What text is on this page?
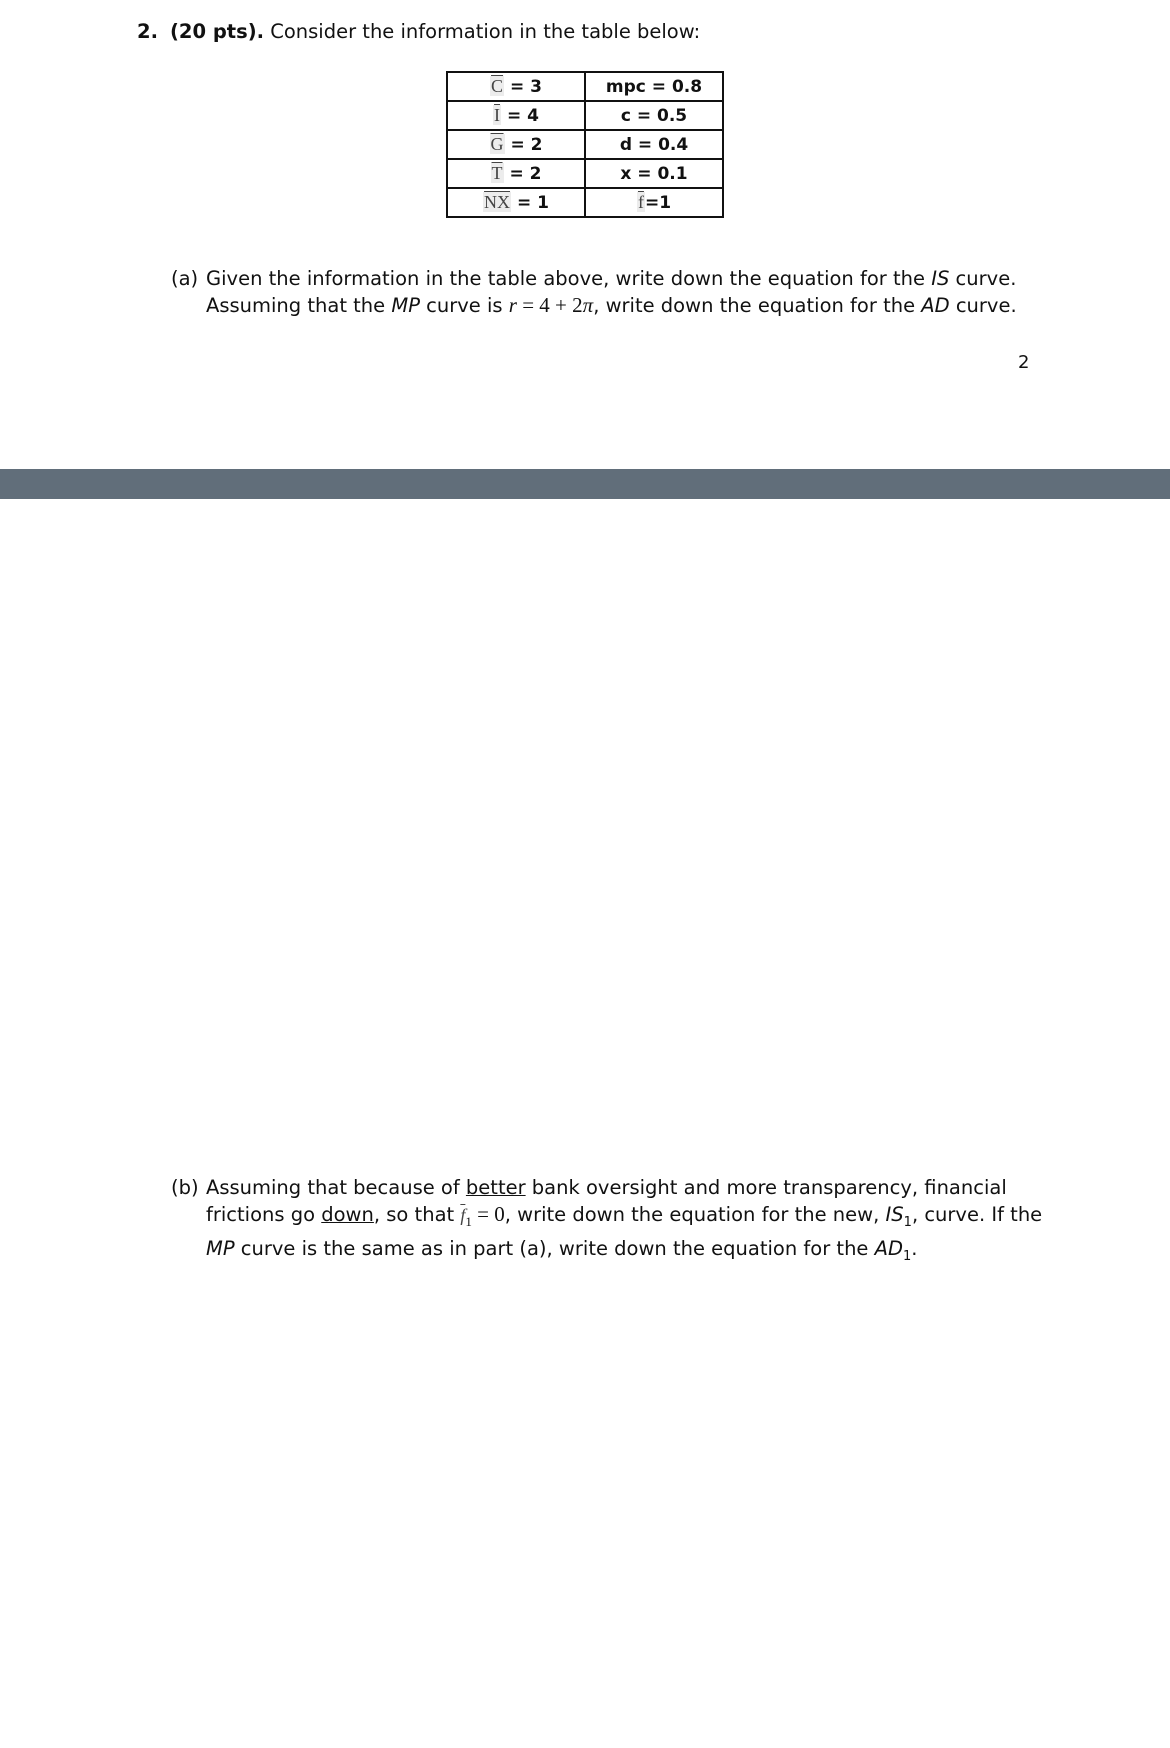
2. (20 pts). Consider the information in the table below:
$\overline{C} = 3$	mpc = 0.8
$\overline{I} = 4$	c = 0.5
$\overline{G} = 2$	d = 0.4
$\overline{T} = 2$	x = 0.1
$\overline{NX} = 1$	$\overline{f}=1$
(a) Given the information in the table above, write down the equation for the IS curve. Assuming that the MP curve is r = 4 + 2π, write down the equation for the AD curve.
2
(b) Assuming that because of better bank oversight and more transparency, financial frictions go down, so that $\overline{f}_1 = 0$, write down the equation for the new, $IS_1$, curve. If the MP curve is the same as in part (a), write down the equation for the $AD_1$.
